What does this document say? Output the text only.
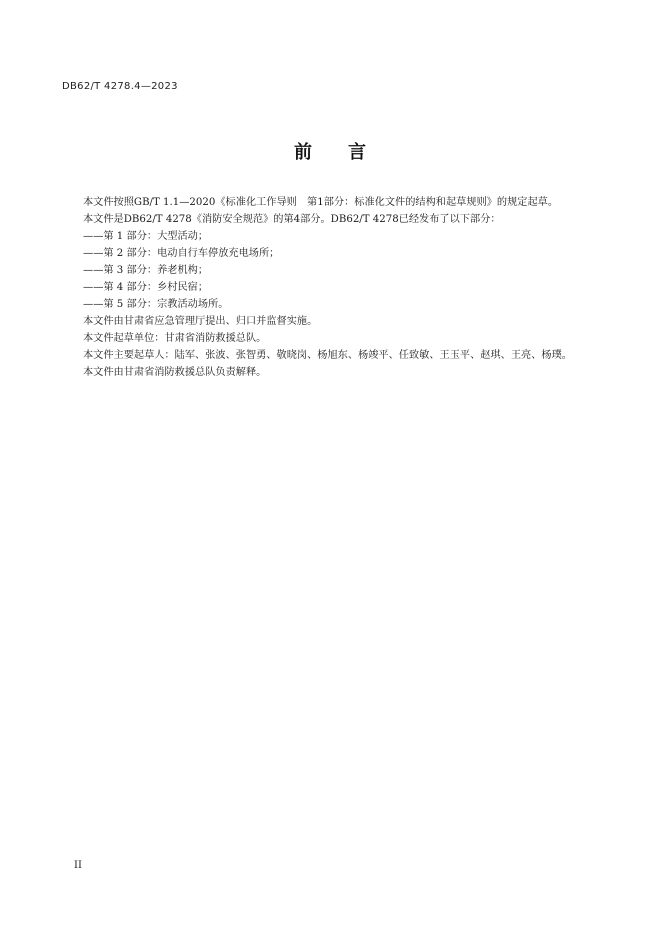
DB62/T 4278.4—2023
前 言

本文件按照GB/T 1.1—2020《标准化工作导则　第1部分：标准化文件的结构和起草规则》的规定起草。

本文件是DB62/T 4278《消防安全规范》的第4部分。DB62/T 4278已经发布了以下部分：

——第 1 部分：大型活动；

——第 2 部分：电动自行车停放充电场所；

——第 3 部分：养老机构；

——第 4 部分：乡村民宿；

——第 5 部分：宗教活动场所。

本文件由甘肃省应急管理厅提出、归口并监督实施。

本文件起草单位：甘肃省消防救援总队。

本文件主要起草人：陆军、张波、张智勇、敬晓岗、杨旭东、杨竣平、任致敏、王玉平、赵琪、王亮、杨璞。

本文件由甘肃省消防救援总队负责解释。

II
